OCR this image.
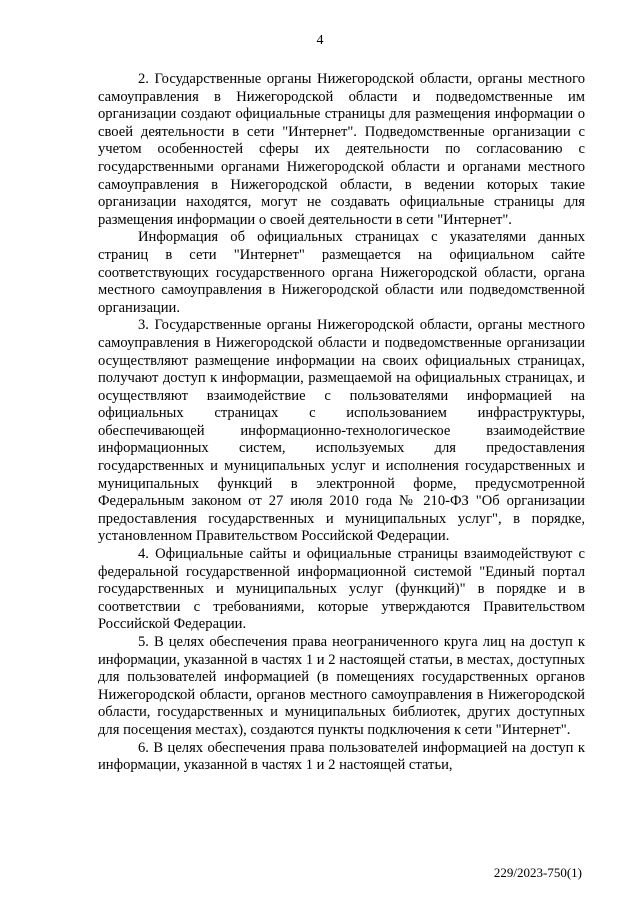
4

2. Государственные органы Нижегородской области, органы местного самоуправления в Нижегородской области и подведомственные им организации создают официальные страницы для размещения информации о своей деятельности в сети "Интернет". Подведомственные организации с учетом особенностей сферы их деятельности по согласованию с государственными органами Нижегородской области и органами местного самоуправления в Нижегородской области, в ведении которых такие организации находятся, могут не создавать официальные страницы для размещения информации о своей деятельности в сети "Интернет".

Информация об официальных страницах с указателями данных страниц в сети "Интернет" размещается на официальном сайте соответствующих государственного органа Нижегородской области, органа местного самоуправления в Нижегородской области или подведомственной организации.

3. Государственные органы Нижегородской области, органы местного самоуправления в Нижегородской области и подведомственные организации осуществляют размещение информации на своих официальных страницах, получают доступ к информации, размещаемой на официальных страницах, и осуществляют взаимодействие с пользователями информацией на официальных страницах с использованием инфраструктуры, обеспечивающей информационно-технологическое взаимодействие информационных систем, используемых для предоставления государственных и муниципальных услуг и исполнения государственных и муниципальных функций в электронной форме, предусмотренной Федеральным законом от 27 июля 2010 года № 210-ФЗ "Об организации предоставления государственных и муниципальных услуг", в порядке, установленном Правительством Российской Федерации.

4. Официальные сайты и официальные страницы взаимодействуют с федеральной государственной информационной системой "Единый портал государственных и муниципальных услуг (функций)" в порядке и в соответствии с требованиями, которые утверждаются Правительством Российской Федерации.

5. В целях обеспечения права неограниченного круга лиц на доступ к информации, указанной в частях 1 и 2 настоящей статьи, в местах, доступных для пользователей информацией (в помещениях государственных органов Нижегородской области, органов местного самоуправления в Нижегородской области, государственных и муниципальных библиотек, других доступных для посещения местах), создаются пункты подключения к сети "Интернет".

6. В целях обеспечения права пользователей информацией на доступ к информации, указанной в частях 1 и 2 настоящей статьи,

229/2023-750(1)
